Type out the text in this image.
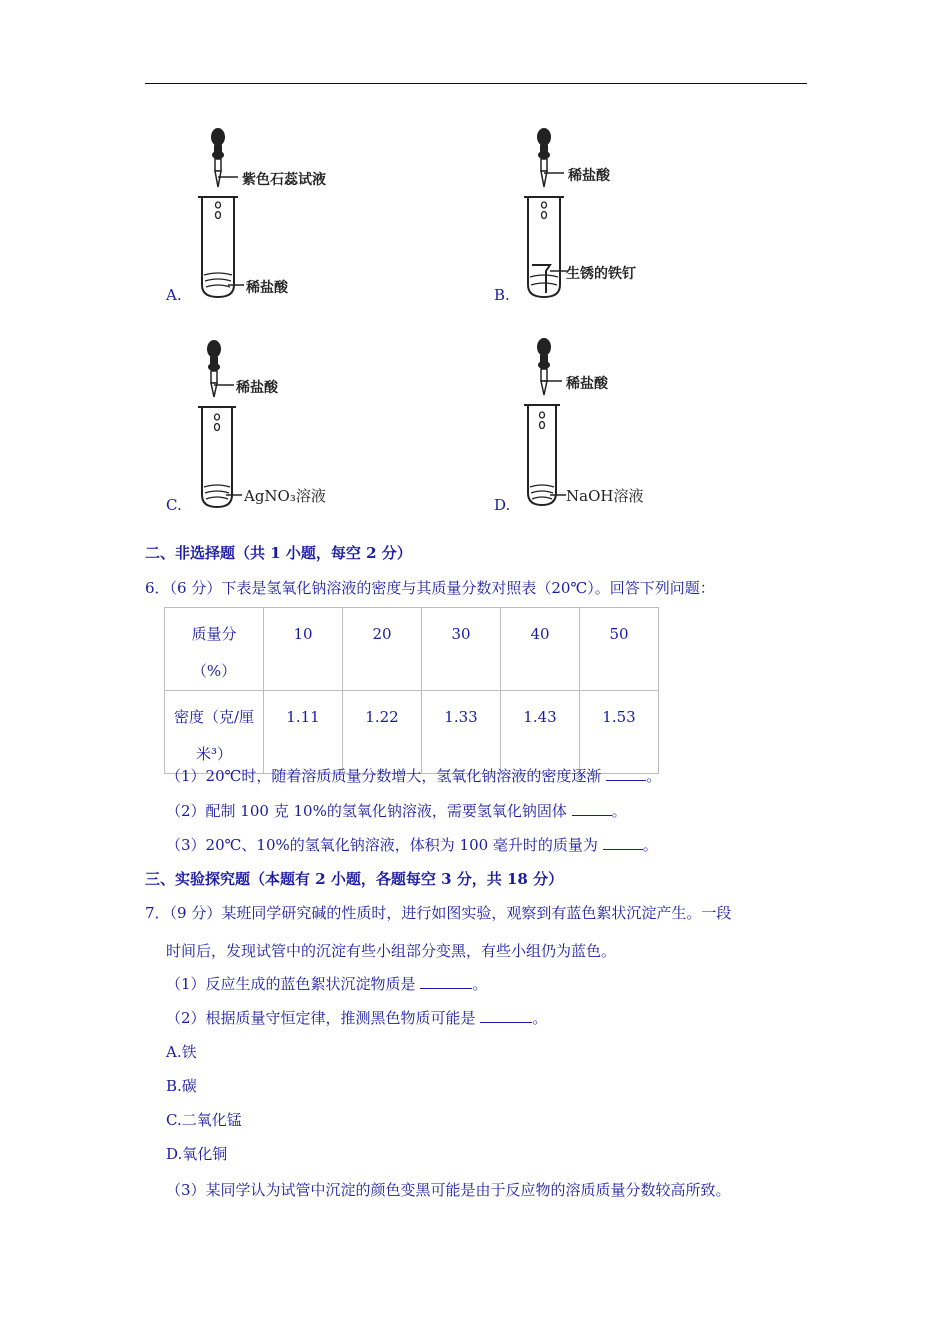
紫色石蕊试液
稀盐酸
A.
稀盐酸
生锈的铁钉
B.
稀盐酸
AgNO₃溶液
C.
稀盐酸
NaOH溶液
D.
二、非选择题（共 1 小题，每空 2 分）
6．（6 分）下表是氢氧化钠溶液的密度与其质量分数对照表（20℃）。回答下列问题：
质量分
（%）	10	20	30	40	50

密度（克/厘
米³）	1.11	1.22	1.33	1.43	1.53
（1）20℃时，随着溶质质量分数增大，氢氧化钠溶液的密度逐渐	。
（2）配制 100 克 10%的氢氧化钠溶液，需要氢氧化钠固体	。
（3）20℃、10%的氢氧化钠溶液，体积为 100 毫升时的质量为	。
三、实验探究题（本题有 2 小题，各题每空 3 分，共 18 分）
7．（9 分）某班同学研究碱的性质时，进行如图实验，观察到有蓝色絮状沉淀产生。一段
时间后，发现试管中的沉淀有些小组部分变黑，有些小组仍为蓝色。
（1）反应生成的蓝色絮状沉淀物质是	。
（2）根据质量守恒定律，推测黑色物质可能是	。
A.铁
B.碳
C.二氧化锰
D.氧化铜
（3）某同学认为试管中沉淀的颜色变黑可能是由于反应物的溶质质量分数较高所致。
